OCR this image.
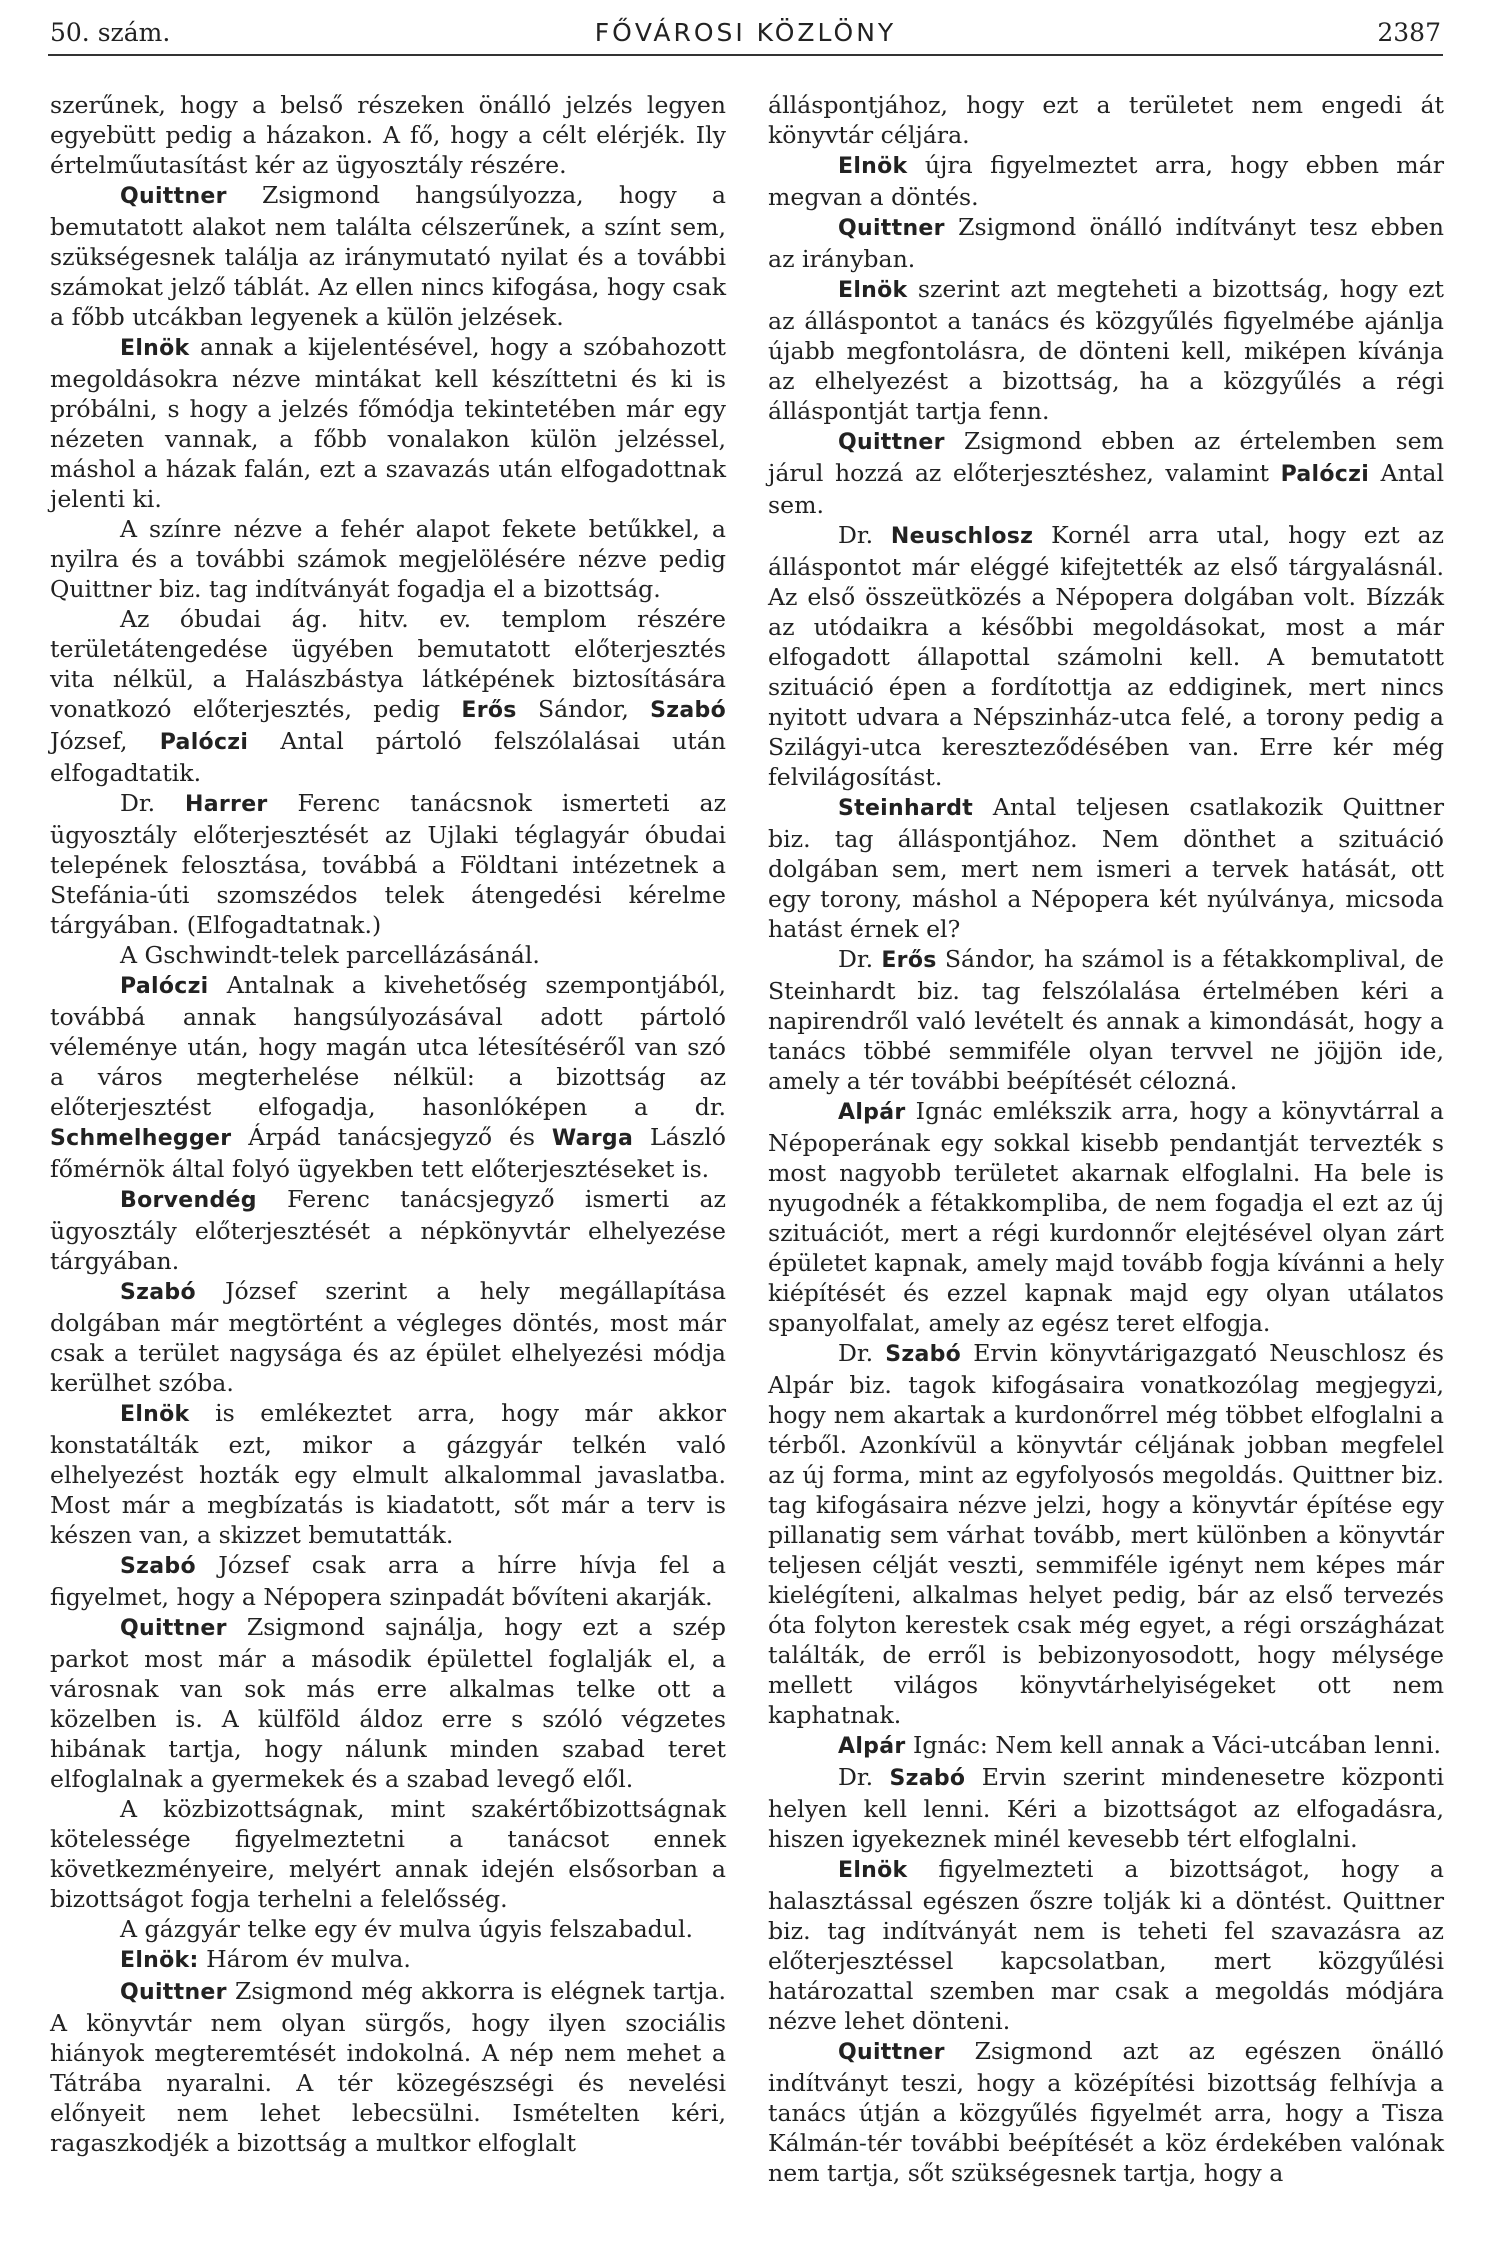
50. szám.	FŐVÁROSI KÖZLÖNY	2387

szerűnek, hogy a belső részeken önálló jelzés legyen egyebütt pedig a házakon. A fő, hogy a célt elérjék. Ily értelműutasítást kér az ügyosztály részére.

Quittner Zsigmond hangsúlyozza, hogy a bemutatott alakot nem találta célszerűnek, a színt sem, szükségesnek találja az iránymutató nyilat és a további számokat jelző táblát. Az ellen nincs kifogása, hogy csak a főbb utcákban legyenek a külön jelzések.

Elnök annak a kijelentésével, hogy a szóbahozott megoldásokra nézve mintákat kell készíttetni és ki is próbálni, s hogy a jelzés főmódja tekintetében már egy nézeten vannak, a főbb vonalakon külön jelzéssel, máshol a házak falán, ezt a szavazás után elfogadottnak jelenti ki.

A színre nézve a fehér alapot fekete betűkkel, a nyilra és a további számok megjelölésére nézve pedig Quittner biz. tag indítványát fogadja el a bizottság.

Az óbudai ág. hitv. ev. templom részére területátengedése ügyében bemutatott előterjesztés vita nélkül, a Halászbástya látképének biztosítására vonatkozó előterjesztés, pedig Erős Sándor, Szabó József, Palóczi Antal pártoló felszólalásai után elfogadtatik.

Dr. Harrer Ferenc tanácsnok ismerteti az ügyosztály előterjesztését az Ujlaki téglagyár óbudai telepének felosztása, továbbá a Földtani intézetnek a Stefánia-úti szomszédos telek átengedési kérelme tárgyában. (Elfogadtatnak.)

A Gschwindt-telek parcellázásánál.

Palóczi Antalnak a kivehetőség szempontjából, továbbá annak hangsúlyozásával adott pártoló véleménye után, hogy magán utca létesítéséről van szó a város megterhelése nélkül: a bizottság az előterjesztést elfogadja, hasonlóképen a dr. Schmelhegger Árpád tanácsjegyző és Warga László főmérnök által folyó ügyekben tett előterjesztéseket is.

Borvendég Ferenc tanácsjegyző ismerti az ügyosztály előterjesztését a népkönyvtár elhelyezése tárgyában.

Szabó József szerint a hely megállapítása dolgában már megtörtént a végleges döntés, most már csak a terület nagysága és az épület elhelyezési módja kerülhet szóba.

Elnök is emlékeztet arra, hogy már akkor konstatálták ezt, mikor a gázgyár telkén való elhelyezést hozták egy elmult alkalommal javaslatba. Most már a megbízatás is kiadatott, sőt már a terv is készen van, a skizzet bemutatták.

Szabó József csak arra a hírre hívja fel a figyelmet, hogy a Népopera szinpadát bővíteni akarják.

Quittner Zsigmond sajnálja, hogy ezt a szép parkot most már a második épülettel foglalják el, a városnak van sok más erre alkalmas telke ott a közelben is. A külföld áldoz erre s szóló végzetes hibának tartja, hogy nálunk minden szabad teret elfoglalnak a gyermekek és a szabad levegő elől.

A közbizottságnak, mint szakértőbizottságnak kötelessége figyelmeztetni a tanácsot ennek következményeire, melyért annak idején elsősorban a bizottságot fogja terhelni a felelősség.

A gázgyár telke egy év mulva úgyis felszabadul.

Elnök: Három év mulva.

Quittner Zsigmond még akkorra is elégnek tartja. A könyvtár nem olyan sürgős, hogy ilyen szociális hiányok megteremtését indokolná. A nép nem mehet a Tátrába nyaralni. A tér közegészségi és nevelési előnyeit nem lehet lebecsülni. Ismételten kéri, ragaszkodjék a bizottság a multkor elfoglalt

álláspontjához, hogy ezt a területet nem engedi át könyvtár céljára.

Elnök újra figyelmeztet arra, hogy ebben már megvan a döntés.

Quittner Zsigmond önálló indítványt tesz ebben az irányban.

Elnök szerint azt megteheti a bizottság, hogy ezt az álláspontot a tanács és közgyűlés figyelmébe ajánlja újabb megfontolásra, de dönteni kell, miképen kívánja az elhelyezést a bizottság, ha a közgyűlés a régi álláspontját tartja fenn.

Quittner Zsigmond ebben az értelemben sem járul hozzá az előterjesztéshez, valamint Palóczi Antal sem.

Dr. Neuschlosz Kornél arra utal, hogy ezt az álláspontot már eléggé kifejtették az első tárgyalásnál. Az első összeütközés a Népopera dolgában volt. Bízzák az utódaikra a későbbi megoldásokat, most a már elfogadott állapottal számolni kell. A bemutatott szituáció épen a fordítottja az eddiginek, mert nincs nyitott udvara a Népszinház-utca felé, a torony pedig a Szilágyi-utca kereszteződésében van. Erre kér még felvilágosítást.

Steinhardt Antal teljesen csatlakozik Quittner biz. tag álláspontjához. Nem dönthet a szituáció dolgában sem, mert nem ismeri a tervek hatását, ott egy torony, máshol a Népopera két nyúlványa, micsoda hatást érnek el?

Dr. Erős Sándor, ha számol is a fétakkomplival, de Steinhardt biz. tag felszólalása értelmében kéri a napirendről való levételt és annak a kimondását, hogy a tanács többé semmiféle olyan tervvel ne jöjjön ide, amely a tér további beépítését célozná.

Alpár Ignác emlékszik arra, hogy a könyvtárral a Népoperának egy sokkal kisebb pendantját tervezték s most nagyobb területet akarnak elfoglalni. Ha bele is nyugodnék a fétakkompliba, de nem fogadja el ezt az új szituációt, mert a régi kurdonnőr elejtésével olyan zárt épületet kapnak, amely majd tovább fogja kívánni a hely kiépítését és ezzel kapnak majd egy olyan utálatos spanyolfalat, amely az egész teret elfogja.

Dr. Szabó Ervin könyvtárigazgató Neuschlosz és Alpár biz. tagok kifogásaira vonatkozólag megjegyzi, hogy nem akartak a kurdonőrrel még többet elfoglalni a térből. Azonkívül a könyvtár céljának jobban megfelel az új forma, mint az egyfolyosós megoldás. Quittner biz. tag kifogásaira nézve jelzi, hogy a könyvtár építése egy pillanatig sem várhat tovább, mert különben a könyvtár teljesen célját veszti, semmiféle igényt nem képes már kielégíteni, alkalmas helyet pedig, bár az első tervezés óta folyton kerestek csak még egyet, a régi országházat találták, de erről is bebizonyosodott, hogy mélysége mellett világos könyvtárhelyiségeket ott nem kaphatnak.

Alpár Ignác: Nem kell annak a Váci-utcában lenni.

Dr. Szabó Ervin szerint mindenesetre központi helyen kell lenni. Kéri a bizottságot az elfogadásra, hiszen igyekeznek minél kevesebb tért elfoglalni.

Elnök figyelmezteti a bizottságot, hogy a halasztással egészen őszre tolják ki a döntést. Quittner biz. tag indítványát nem is teheti fel szavazásra az előterjesztéssel kapcsolatban, mert közgyűlési határozattal szemben mar csak a megoldás módjára nézve lehet dönteni.

Quittner Zsigmond azt az egészen önálló indítványt teszi, hogy a középítési bizottság felhívja a tanács útján a közgyűlés figyelmét arra, hogy a Tisza Kálmán-tér további beépítését a köz érdekében valónak nem tartja, sőt szükségesnek tartja, hogy a
